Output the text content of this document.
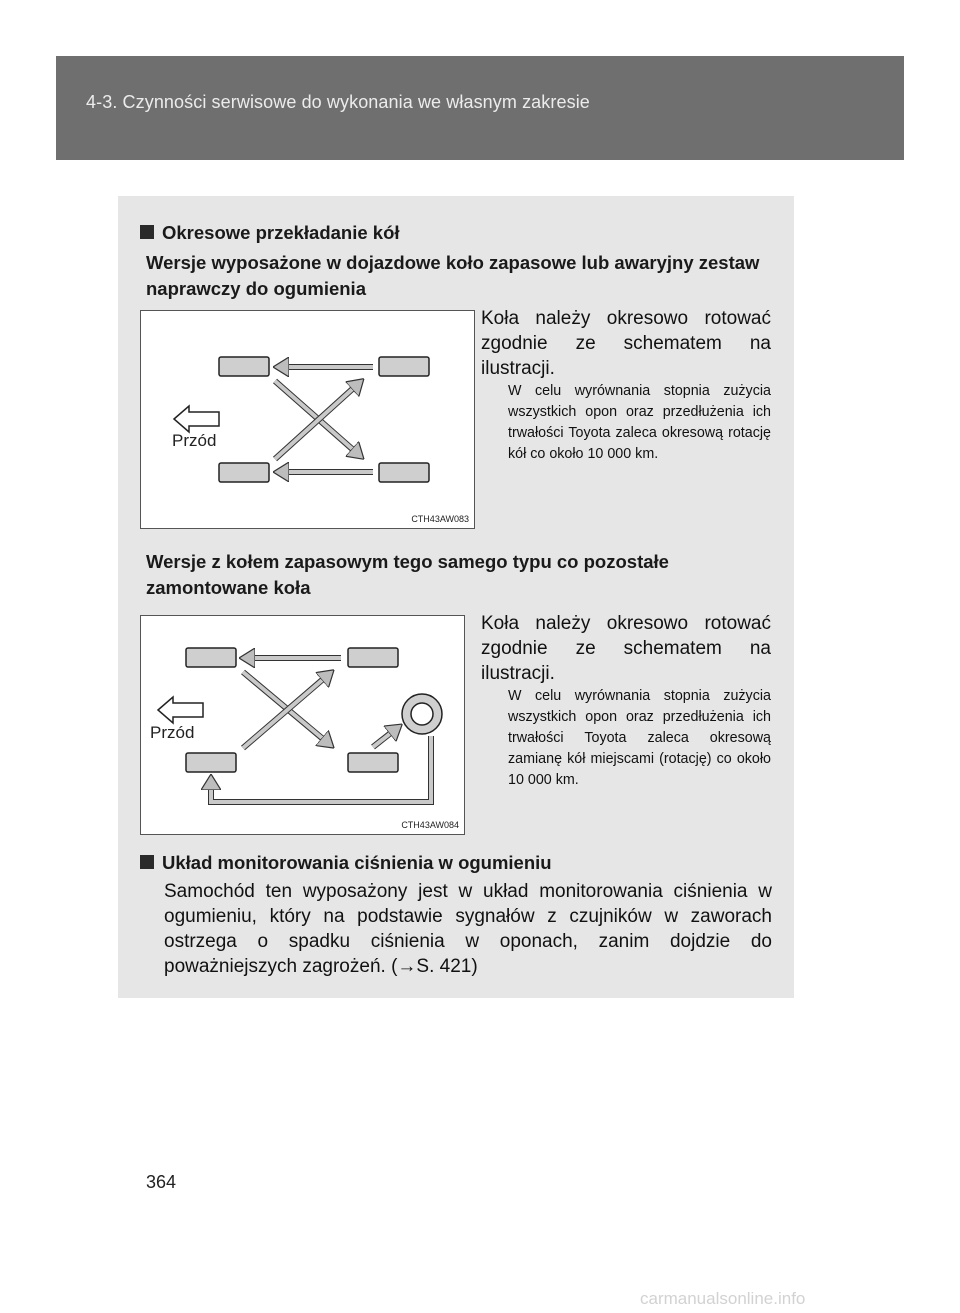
4-3. Czynności serwisowe do wykonania we własnym zakresie
Okresowe przekładanie kół
Wersje wyposażone w dojazdowe koło zapasowe lub awaryjny zestaw naprawczy do ogumienia
Przód
CTH43AW083
Koła należy okresowo rotować zgodnie ze schematem na ilustracji.
W celu wyrównania stopnia zużycia wszystkich opon oraz przedłużenia ich trwałości Toyota zaleca okresową rotację kół co około 10 000 km.
Wersje z kołem zapasowym tego samego typu co pozostałe zamontowane koła
Przód
CTH43AW084
Koła należy okresowo rotować zgodnie ze schematem na ilustracji.
W celu wyrównania stopnia zużycia wszystkich opon oraz przedłużenia ich trwałości Toyota zaleca okresową zamianę kół miejscami (rotację) co około 10 000 km.
Układ monitorowania ciśnienia w ogumieniu
Samochód ten wyposażony jest w układ monitorowania ciśnienia w ogumieniu, który na podstawie sygnałów z czujników w zaworach ostrzega o spadku ciśnienia w oponach, zanim dojdzie do poważniejszych zagrożeń. (→S. 421)
364
carmanualsonline.info
